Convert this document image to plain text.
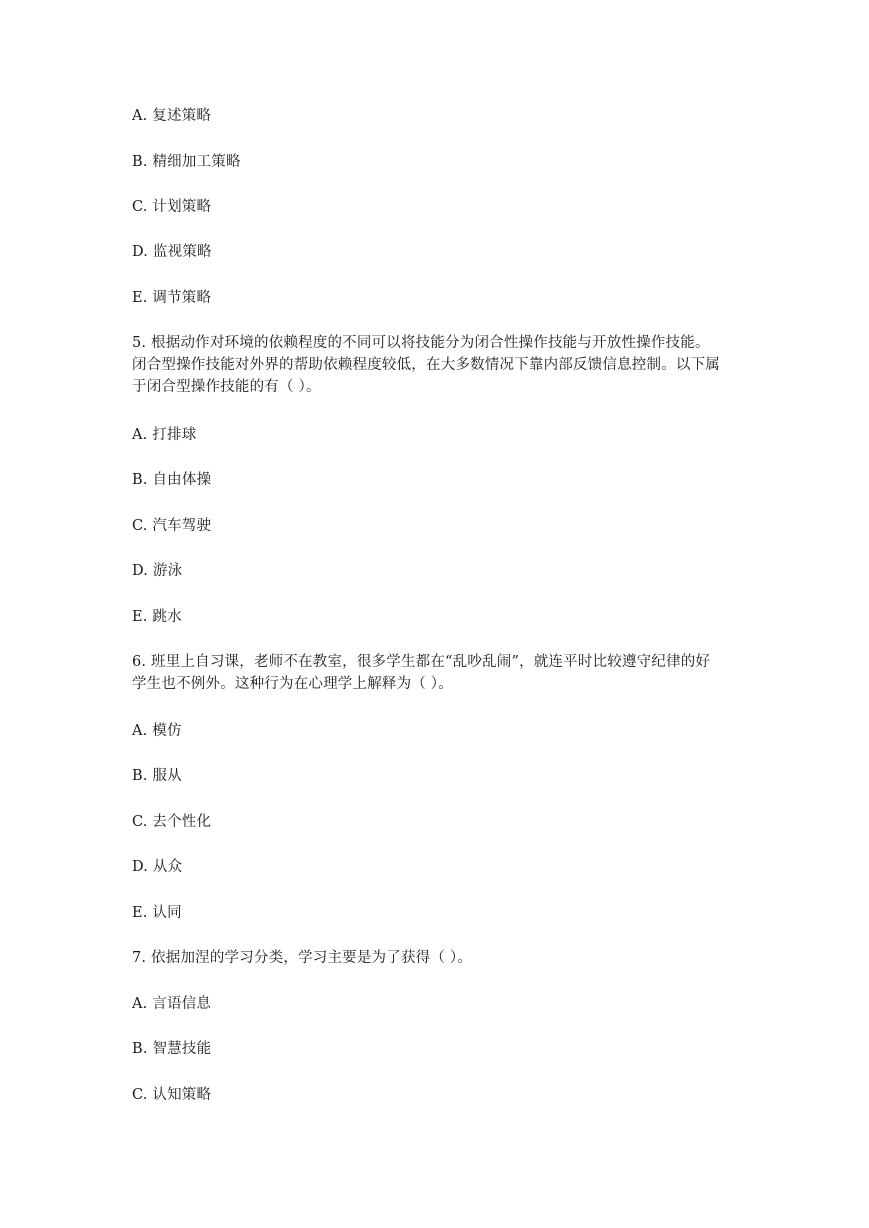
A. 复述策略
B. 精细加工策略
C. 计划策略
D. 监视策略
E. 调节策略
5. 根据动作对环境的依赖程度的不同可以将技能分为闭合性操作技能与开放性操作技能。
闭合型操作技能对外界的帮助依赖程度较低，在大多数情况下靠内部反馈信息控制。以下属
于闭合型操作技能的有（ ）。
A. 打排球
B. 自由体操
C. 汽车驾驶
D. 游泳
E. 跳水
6. 班里上自习课，老师不在教室，很多学生都在“乱吵乱闹”，就连平时比较遵守纪律的好
学生也不例外。这种行为在心理学上解释为（ ）。
A. 模仿
B. 服从
C. 去个性化
D. 从众
E. 认同
7. 依据加涅的学习分类，学习主要是为了获得（ ）。
A. 言语信息
B. 智慧技能
C. 认知策略
